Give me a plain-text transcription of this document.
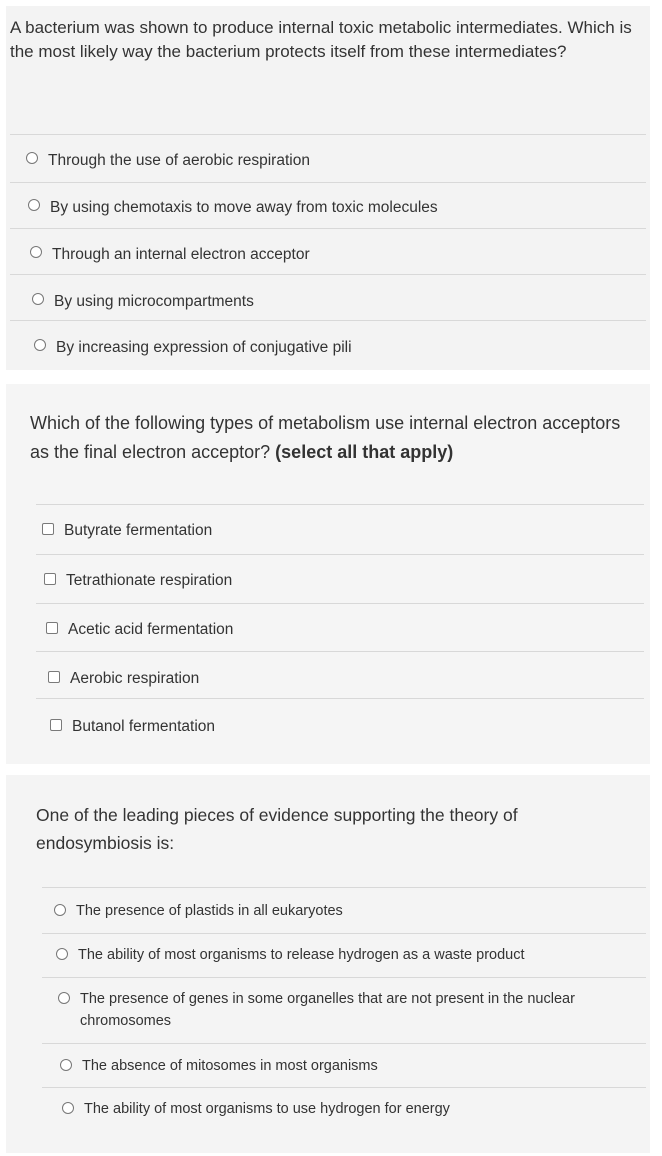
A bacterium was shown to produce internal toxic metabolic intermediates. Which is the most likely way the bacterium protects itself from these intermediates?

Through the use of aerobic respiration
By using chemotaxis to move away from toxic molecules
Through an internal electron acceptor
By using microcompartments
By increasing expression of conjugative pili

Which of the following types of metabolism use internal electron acceptors as the final electron acceptor? (select all that apply)

Butyrate fermentation
Tetrathionate respiration
Acetic acid fermentation
Aerobic respiration
Butanol fermentation

One of the leading pieces of evidence supporting the theory of endosymbiosis is:

The presence of plastids in all eukaryotes
The ability of most organisms to release hydrogen as a waste product
The presence of genes in some organelles that are not present in the nuclear chromosomes
The absence of mitosomes in most organisms
The ability of most organisms to use hydrogen for energy
